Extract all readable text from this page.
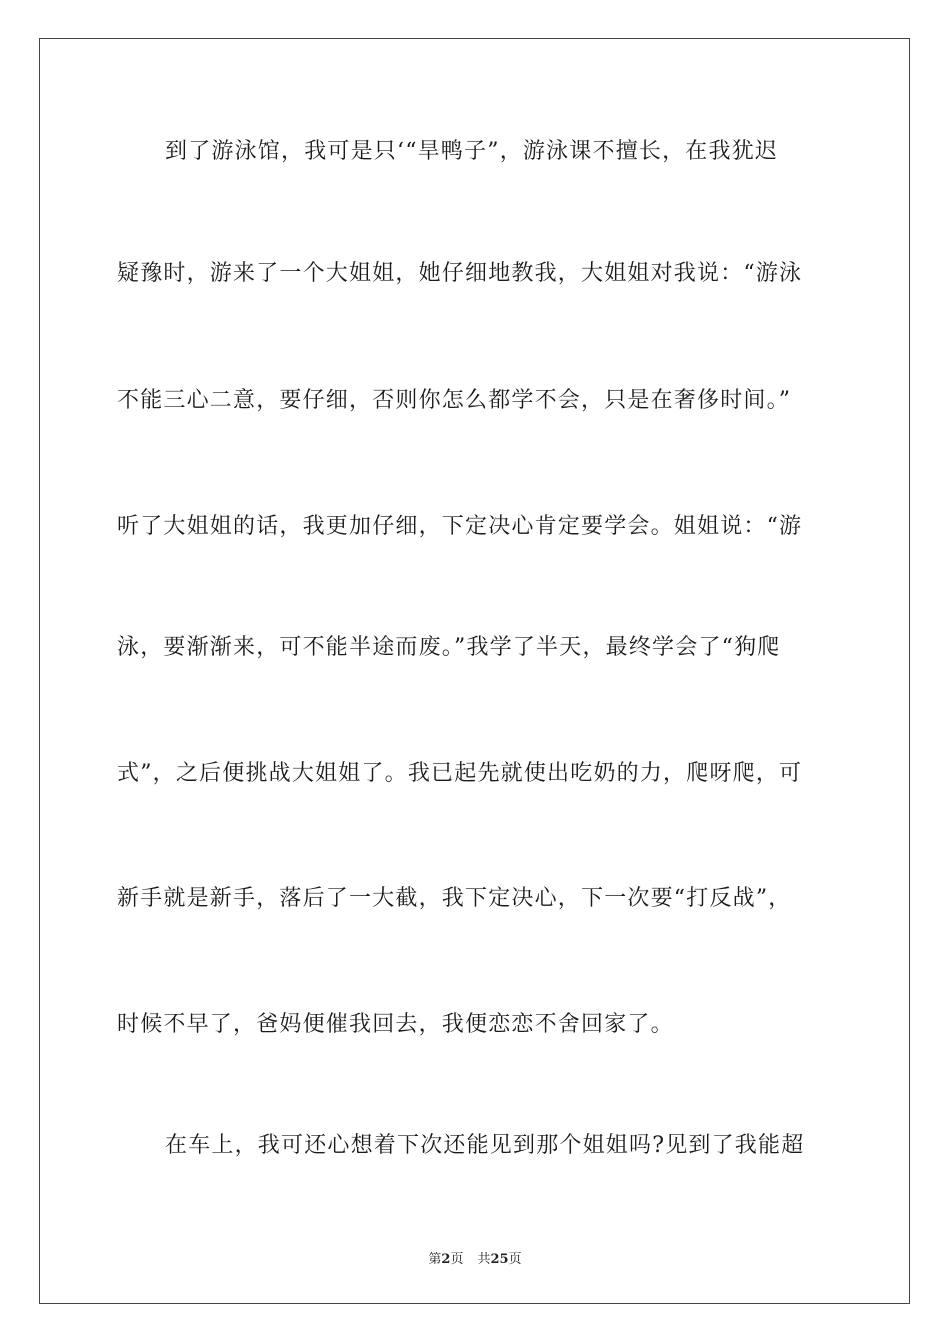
到了游泳馆，我可是只‘“旱鸭子”，游泳课不擅长，在我犹迟
疑豫时，游来了一个大姐姐，她仔细地教我，大姐姐对我说：“游泳
不能三心二意，要仔细，否则你怎么都学不会，只是在奢侈时间。”
听了大姐姐的话，我更加仔细，下定决心肯定要学会。姐姐说：“游
泳，要渐渐来，可不能半途而废。”我学了半天，最终学会了“狗爬
式”，之后便挑战大姐姐了。我已起先就使出吃奶的力，爬呀爬，可
新手就是新手，落后了一大截，我下定决心，下一次要“打反战”，
时候不早了，爸妈便催我回去，我便恋恋不舍回家了。
在车上，我可还心想着下次还能见到那个姐姐吗?见到了我能超
第2页 共25页
